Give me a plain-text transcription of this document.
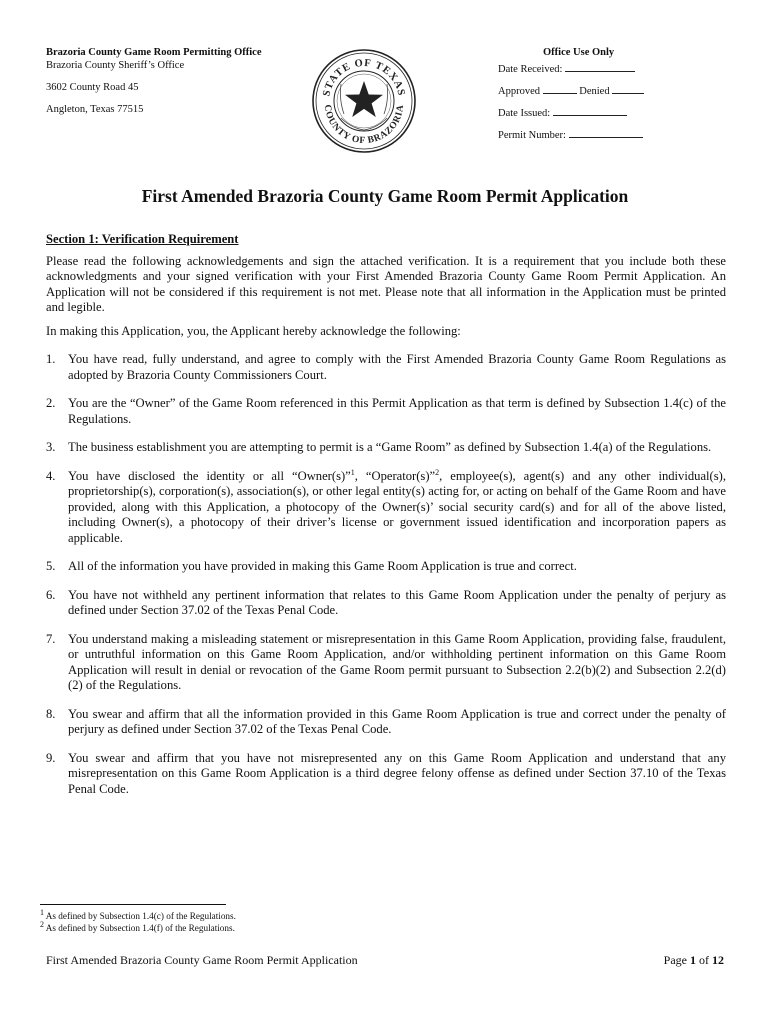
Brazoria County Game Room Permitting Office
Brazoria County Sheriff’s Office
3602 County Road 45
Angleton, Texas 77515
STATE OF TEXAS
COUNTY OF BRAZORIA
Office Use Only
Date Received:
Approved	Denied
Date Issued:
Permit Number:
First Amended Brazoria County Game Room Permit Application
Section 1: Verification Requirement

Please read the following acknowledgements and sign the attached verification. It is a requirement that you include both these acknowledgments and your signed verification with your First Amended Brazoria County Game Room Permit Application. An Application will not be considered if this requirement is not met. Please note that all information in the Application must be printed and legible.

In making this Application, you, the Applicant hereby acknowledge the following:

1. You have read, fully understand, and agree to comply with the First Amended Brazoria County Game Room Regulations as adopted by Brazoria County Commissioners Court.
2. You are the “Owner” of the Game Room referenced in this Permit Application as that term is defined by Subsection 1.4(c) of the Regulations.
3. The business establishment you are attempting to permit is a “Game Room” as defined by Subsection 1.4(a) of the Regulations.
4. You have disclosed the identity or all “Owner(s)”$^1$, “Operator(s)”$^2$, employee(s), agent(s) and any other individual(s), proprietorship(s), corporation(s), association(s), or other legal entity(s) acting for, or acting on behalf of the Game Room and have provided, along with this Application, a photocopy of the Owner(s)’ social security card(s) and for all of the above listed, including Owner(s), a photocopy of their driver’s license or government issued identification and incorporation papers as applicable.
5. All of the information you have provided in making this Game Room Application is true and correct.
6. You have not withheld any pertinent information that relates to this Game Room Application under the penalty of perjury as defined under Section 37.02 of the Texas Penal Code.
7. You understand making a misleading statement or misrepresentation in this Game Room Application, providing false, fraudulent, or untruthful information on this Game Room Application, and/or withholding pertinent information on this Game Room Application will result in denial or revocation of the Game Room permit pursuant to Subsection 2.2(b)(2) and Subsection 2.2(d)(2) of the Regulations.
8. You swear and affirm that all the information provided in this Game Room Application is true and correct under the penalty of perjury as defined under Section 37.02 of the Texas Penal Code.
9. You swear and affirm that you have not misrepresented any on this Game Room Application and understand that any misrepresentation on this Game Room Application is a third degree felony offense as defined under Section 37.10 of the Texas Penal Code.
$^1$ As defined by Subsection 1.4(c) of the Regulations.
$^2$ As defined by Subsection 1.4(f) of the Regulations.
First Amended Brazoria County Game Room Permit Application	Page 1 of 12
